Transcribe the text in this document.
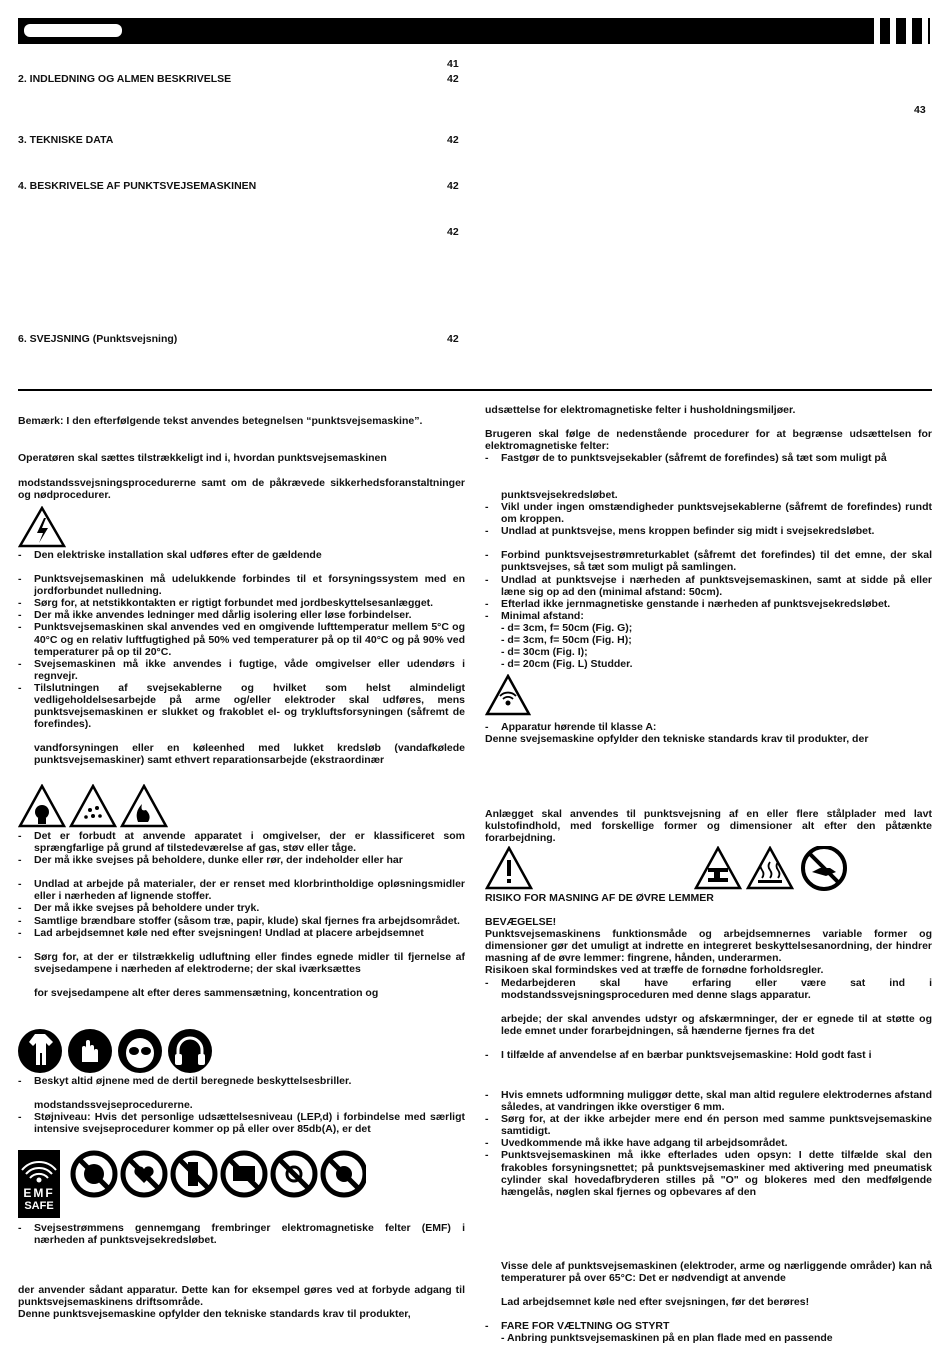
41
2. INDLEDNING OG ALMEN BESKRIVELSE	42
43
3. TEKNISKE DATA	42
4. BESKRIVELSE AF PUNKTSVEJSEMASKINEN	42
42
6. SVEJSNING (Punktsvejsning)	42
Bemærk: I den efterfølgende tekst anvendes betegnelsen “punktsvejsemaskine”.
Operatøren skal sættes tilstrækkeligt ind i, hvordan punktsvejsemaskinen
modstandssvejsningsprocedurerne samt om de påkrævede sikkerhedsforanstaltninger og nødprocedurer.
- Den elektriske installation skal udføres efter de gældende
- Punktsvejsemaskinen må udelukkende forbindes til et forsyningssystem med en jordforbundet nulledning.
- Sørg for, at netstikkontakten er rigtigt forbundet med jordbeskyttelsesanlægget.
- Der må ikke anvendes ledninger med dårlig isolering eller løse forbindelser.
- Punktsvejsemaskinen skal anvendes ved en omgivende lufttemperatur mellem 5°C og 40°C og en relativ luftfugtighed på 50% ved temperaturer på op til 40°C og på 90% ved temperaturer på op til 20°C.
- Svejsemaskinen må ikke anvendes i fugtige, våde omgivelser eller udendørs i regnvejr.
- Tilslutningen af svejsekablerne og hvilket som helst almindeligt vedligeholdelsesarbejde på arme og/eller elektroder skal udføres, mens punktsvejsemaskinen er slukket og frakoblet el- og trykluftsforsyningen (såfremt de forefindes).
vandforsyningen eller en køleenhed med lukket kredsløb (vandafkølede punktsvejsemaskiner) samt ethvert reparationsarbejde (ekstraordinær
- Det er forbudt at anvende apparatet i omgivelser, der er klassificeret som sprængfarlige på grund af tilstedeværelse af gas, støv eller tåge.
- Der må ikke svejses på beholdere, dunke eller rør, der indeholder eller har
- Undlad at arbejde på materialer, der er renset med klorbrintholdige opløsningsmidler eller i nærheden af lignende stoffer.
- Der må ikke svejses på beholdere under tryk.
- Samtlige brændbare stoffer (såsom træ, papir, klude) skal fjernes fra arbejdsområdet.
- Lad arbejdsemnet køle ned efter svejsningen! Undlad at placere arbejdsemnet
- Sørg for, at der er tilstrækkelig udluftning eller findes egnede midler til fjernelse af svejsedampene i nærheden af elektroderne; der skal iværksættes
for svejsedampene alt efter deres sammensætning, koncentration og
- Beskyt altid øjnene med de dertil beregnede beskyttelsesbriller.
modstandssvejseprocedurerne.
- Støjniveau: Hvis det personlige udsættelsesniveau (LEP,d) i forbindelse med særligt intensive svejseprocedurer kommer op på eller over 85db(A), er det
EMF
SAFE
- Svejsestrømmens gennemgang frembringer elektromagnetiske felter (EMF) i nærheden af punktsvejsekredsløbet.

der anvender sådant apparatur. Dette kan for eksempel gøres ved at forbyde adgang til punktsvejsemaskinens driftsområde.

Denne punktsvejsemaskine opfylder den tekniske standards krav til produkter,

udsættelse for elektromagnetiske felter i husholdningsmiljøer.

Brugeren skal følge de nedenstående procedurer for at begrænse udsættelsen for elektromagnetiske felter:

- Fastgør de to punktsvejsekabler (såfremt de forefindes) så tæt som muligt på
punktsvejsekredsløbet.
- Vikl under ingen omstændigheder punktsvejsekablerne (såfremt de forefindes) rundt om kroppen.
- Undlad at punktsvejse, mens kroppen befinder sig midt i svejsekredsløbet.
- Forbind punktsvejsestrømreturkablet (såfremt det forefindes) til det emne, der skal punktsvejses, så tæt som muligt på samlingen.
- Undlad at punktsvejse i nærheden af punktsvejsemaskinen, samt at sidde på eller læne sig op ad den (minimal afstand: 50cm).
- Efterlad ikke jernmagnetiske genstande i nærheden af punktsvejsekredsløbet.
- Minimal afstand:
- d= 3cm, f= 50cm (Fig. G);
- d= 3cm, f= 50cm (Fig. H);
- d= 30cm (Fig. I);
- d= 20cm (Fig. L) Studder.
- Apparatur hørende til klasse A:

Denne svejsemaskine opfylder den tekniske standards krav til produkter, der

Anlægget skal anvendes til punktsvejsning af en eller flere stålplader med lavt kulstofindhold, med forskellige former og dimensioner alt efter den påtænkte forarbejdning.

RISIKO FOR MASNING AF DE ØVRE LEMMER

BEVÆGELSE!

Punktsvejsemaskinens funktionsmåde og arbejdsemnernes variable former og dimensioner gør det umuligt at indrette en integreret beskyttelsesanordning, der hindrer masning af de øvre lemmer: fingrene, hånden, underarmen.

Risikoen skal formindskes ved at træffe de fornødne forholdsregler.

- Medarbejderen skal have erfaring eller være sat ind i modstandssvejsningsproceduren med denne slags apparatur.
arbejde; der skal anvendes udstyr og afskærmninger, der er egnede til at støtte og lede emnet under forarbejdningen, så hænderne fjernes fra det
- I tilfælde af anvendelse af en bærbar punktsvejsemaskine: Hold godt fast i
- Hvis emnets udformning muliggør dette, skal man altid regulere elektrodernes afstand således, at vandringen ikke overstiger 6 mm.
- Sørg for, at der ikke arbejder mere end én person med samme punktsvejsemaskine samtidigt.
- Uvedkommende må ikke have adgang til arbejdsområdet.
- Punktsvejsemaskinen må ikke efterlades uden opsyn: I dette tilfælde skal den frakobles forsyningsnettet; på punktsvejsemaskiner med aktivering med pneumatisk cylinder skal hovedafbryderen stilles på "O" og blokeres med den medfølgende hængelås, nøglen skal fjernes og opbevares af den
Visse dele af punktsvejsemaskinen (elektroder, arme og nærliggende områder) kan nå temperaturer på over 65°C: Det er nødvendigt at anvende
Lad arbejdsemnet køle ned efter svejsningen, før det berøres!
- FARE FOR VÆLTNING OG STYRT
- Anbring punktsvejsemaskinen på en plan flade med en passende
